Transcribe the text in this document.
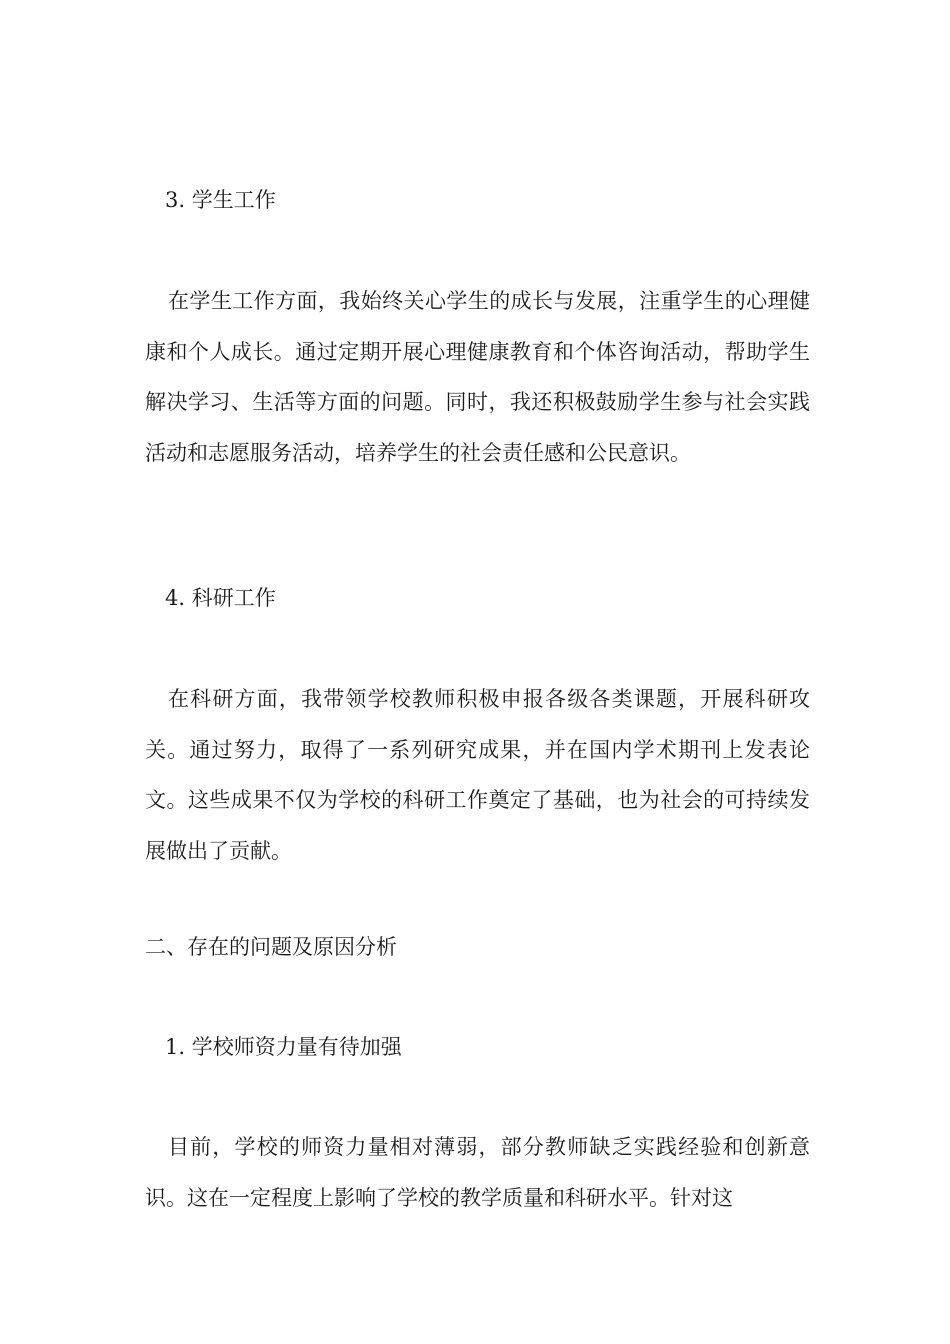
3. 学生工作

在学生工作方面，我始终关心学生的成长与发展，注重学生的心理健康和个人成长。通过定期开展心理健康教育和个体咨询活动，帮助学生解决学习、生活等方面的问题。同时，我还积极鼓励学生参与社会实践活动和志愿服务活动，培养学生的社会责任感和公民意识。

4. 科研工作

在科研方面，我带领学校教师积极申报各级各类课题，开展科研攻关。通过努力，取得了一系列研究成果，并在国内学术期刊上发表论文。这些成果不仅为学校的科研工作奠定了基础，也为社会的可持续发展做出了贡献。

二、存在的问题及原因分析
1. 学校师资力量有待加强

目前，学校的师资力量相对薄弱，部分教师缺乏实践经验和创新意识。这在一定程度上影响了学校的教学质量和科研水平。针对这
